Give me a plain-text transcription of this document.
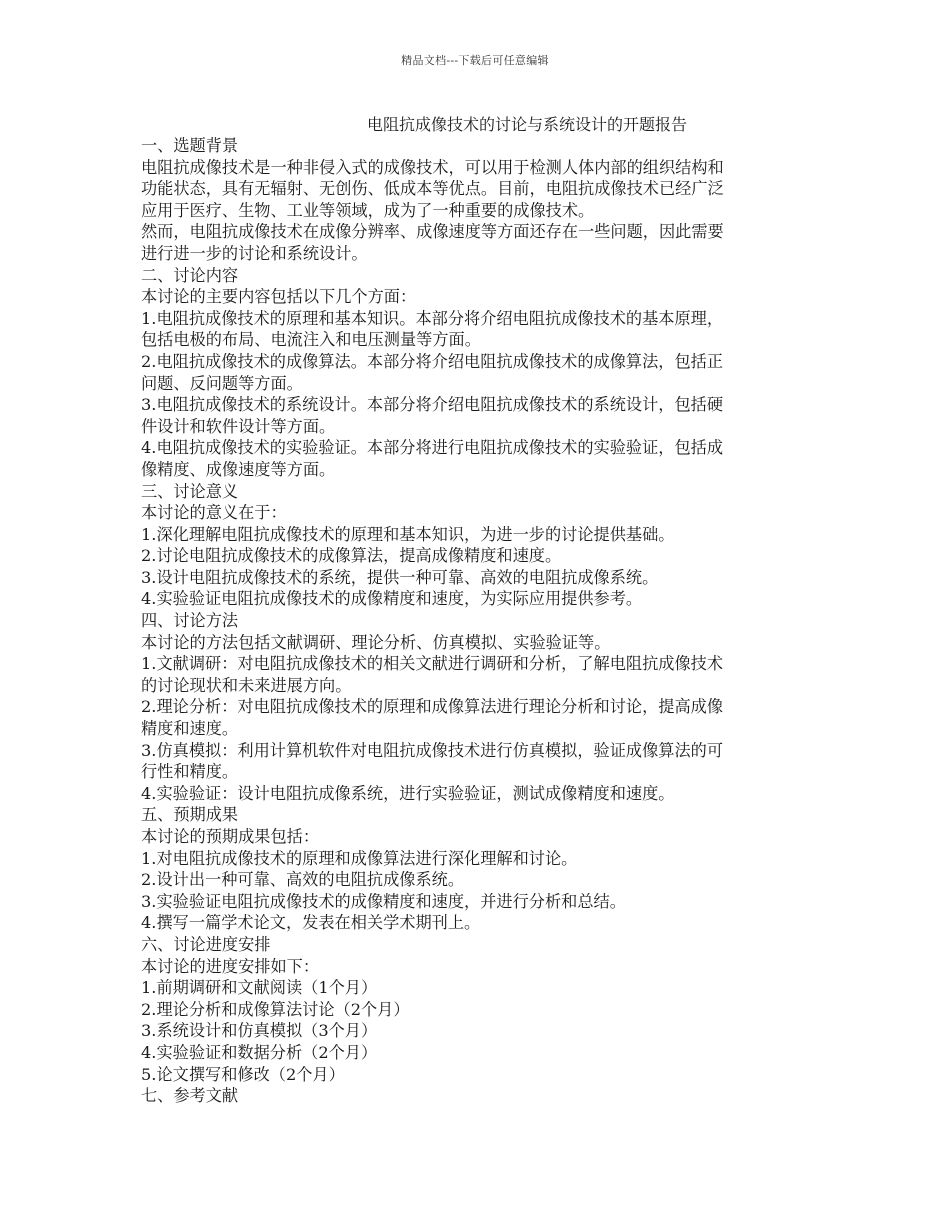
精品文档---下载后可任意编辑
电阻抗成像技术的讨论与系统设计的开题报告
一、选题背景
电阻抗成像技术是一种非侵入式的成像技术，可以用于检测人体内部的组织结构和
功能状态，具有无辐射、无创伤、低成本等优点。目前，电阻抗成像技术已经广泛
应用于医疗、生物、工业等领域，成为了一种重要的成像技术。
然而，电阻抗成像技术在成像分辨率、成像速度等方面还存在一些问题，因此需要
进行进一步的讨论和系统设计。
二、讨论内容
本讨论的主要内容包括以下几个方面：
1.电阻抗成像技术的原理和基本知识。本部分将介绍电阻抗成像技术的基本原理，
包括电极的布局、电流注入和电压测量等方面。
2.电阻抗成像技术的成像算法。本部分将介绍电阻抗成像技术的成像算法，包括正
问题、反问题等方面。
3.电阻抗成像技术的系统设计。本部分将介绍电阻抗成像技术的系统设计，包括硬
件设计和软件设计等方面。
4.电阻抗成像技术的实验验证。本部分将进行电阻抗成像技术的实验验证，包括成
像精度、成像速度等方面。
三、讨论意义
本讨论的意义在于：
1.深化理解电阻抗成像技术的原理和基本知识，为进一步的讨论提供基础。
2.讨论电阻抗成像技术的成像算法，提高成像精度和速度。
3.设计电阻抗成像技术的系统，提供一种可靠、高效的电阻抗成像系统。
4.实验验证电阻抗成像技术的成像精度和速度，为实际应用提供参考。
四、讨论方法
本讨论的方法包括文献调研、理论分析、仿真模拟、实验验证等。
1.文献调研：对电阻抗成像技术的相关文献进行调研和分析，了解电阻抗成像技术
的讨论现状和未来进展方向。
2.理论分析：对电阻抗成像技术的原理和成像算法进行理论分析和讨论，提高成像
精度和速度。
3.仿真模拟：利用计算机软件对电阻抗成像技术进行仿真模拟，验证成像算法的可
行性和精度。
4.实验验证：设计电阻抗成像系统，进行实验验证，测试成像精度和速度。
五、预期成果
本讨论的预期成果包括：
1.对电阻抗成像技术的原理和成像算法进行深化理解和讨论。
2.设计出一种可靠、高效的电阻抗成像系统。
3.实验验证电阻抗成像技术的成像精度和速度，并进行分析和总结。
4.撰写一篇学术论文，发表在相关学术期刊上。
六、讨论进度安排
本讨论的进度安排如下：
1.前期调研和文献阅读（1个月）
2.理论分析和成像算法讨论（2个月）
3.系统设计和仿真模拟（3个月）
4.实验验证和数据分析（2个月）
5.论文撰写和修改（2个月）
七、参考文献
